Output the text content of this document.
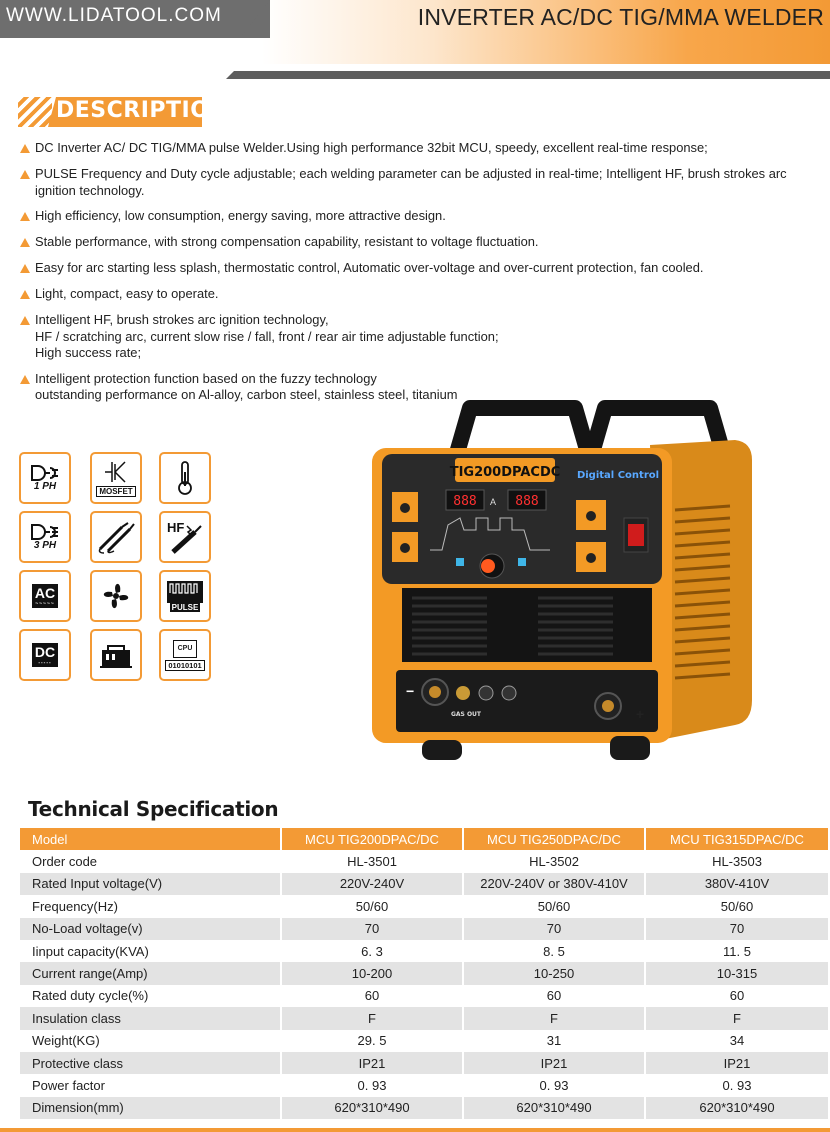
WWW.LIDATOOL.COM	INVERTER AC/DC TIG/MMA WELDER
DESCRIPTION
DC Inverter AC/ DC TIG/MMA pulse Welder.Using high performance 32bit MCU, speedy, excellent real-time response;
PULSE Frequency and Duty cycle adjustable; each welding parameter can be adjusted in real-time; Intelligent HF, brush strokes arc
ignition technology.
High efficiency, low consumption, energy saving, more attractive design.
Stable performance, with strong compensation capability, resistant to voltage fluctuation.
Easy for arc starting less splash, thermostatic control, Automatic over-voltage and over-current protection, fan cooled.
Light, compact, easy to operate.
Intelligent HF, brush strokes arc ignition technology,
HF / scratching arc, current slow rise / fall, front / rear air time adjustable function;
High success rate;
Intelligent protection function based on the fuzzy technology
outstanding performance on Al-alloy, carbon steel, stainless steel, titanium
1 PH	MOSFET
3 PH
HF
AC
~~~~~	PULSE
DC
-----
CPU
01010101
TIG200DPACDC Digital Control
888 A 888
−
GAS OUT	+
Technical Specification
Model	MCU TIG200DPAC/DC	MCU TIG250DPAC/DC	MCU TIG315DPAC/DC
Order code	HL-3501	HL-3502	HL-3503
Rated Input voltage(V)	220V-240V	220V-240V or 380V-410V	380V-410V
Frequency(Hz)	50/60	50/60	50/60
No-Load voltage(v)	70	70	70
Iinput capacity(KVA)	6. 3	8. 5	11. 5
Current range(Amp)	10-200	10-250	10-315
Rated duty cycle(%)	60	60	60
Insulation class	F	F	F
Weight(KG)	29. 5	31	34
Protective class	IP21	IP21	IP21
Power factor	0. 93	0. 93	0. 93
Dimension(mm)	620*310*490	620*310*490	620*310*490
